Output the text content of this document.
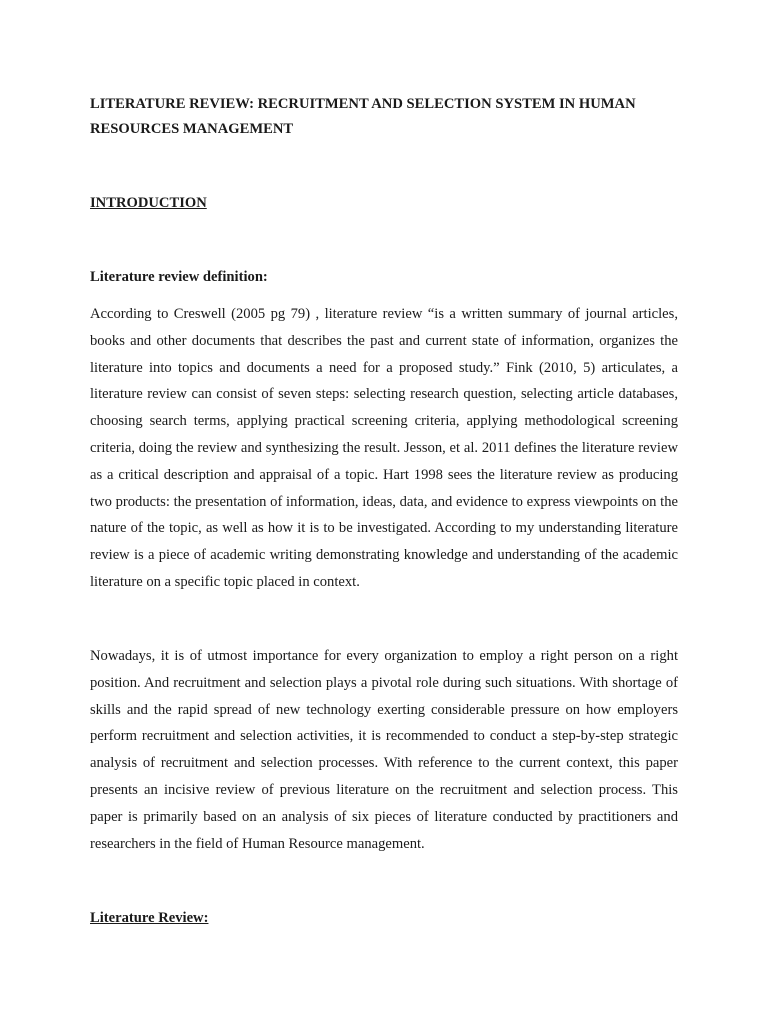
LITERATURE REVIEW: RECRUITMENT AND SELECTION SYSTEM IN HUMAN RESOURCES MANAGEMENT

INTRODUCTION

Literature review definition:

According to Creswell (2005 pg 79) , literature review “is a written summary of journal articles, books and other documents that describes the past and current state of information, organizes the literature into topics and documents a need for a proposed study.” Fink (2010, 5) articulates, a literature review can consist of seven steps: selecting research question, selecting article databases, choosing search terms, applying practical screening criteria, applying methodological screening criteria, doing the review and synthesizing the result. Jesson, et al. 2011 defines the literature review as a critical description and appraisal of a topic. Hart 1998 sees the literature review as producing two products: the presentation of information, ideas, data, and evidence to express viewpoints on the nature of the topic, as well as how it is to be investigated. According to my understanding literature review is a piece of academic writing demonstrating knowledge and understanding of the academic literature on a specific topic placed in context.

Nowadays, it is of utmost importance for every organization to employ a right person on a right position. And recruitment and selection plays a pivotal role during such situations. With shortage of skills and the rapid spread of new technology exerting considerable pressure on how employers perform recruitment and selection activities, it is recommended to conduct a step-by-step strategic analysis of recruitment and selection processes. With reference to the current context, this paper presents an incisive review of previous literature on the recruitment and selection process. This paper is primarily based on an analysis of six pieces of literature conducted by practitioners and researchers in the field of Human Resource management.

Literature Review:
